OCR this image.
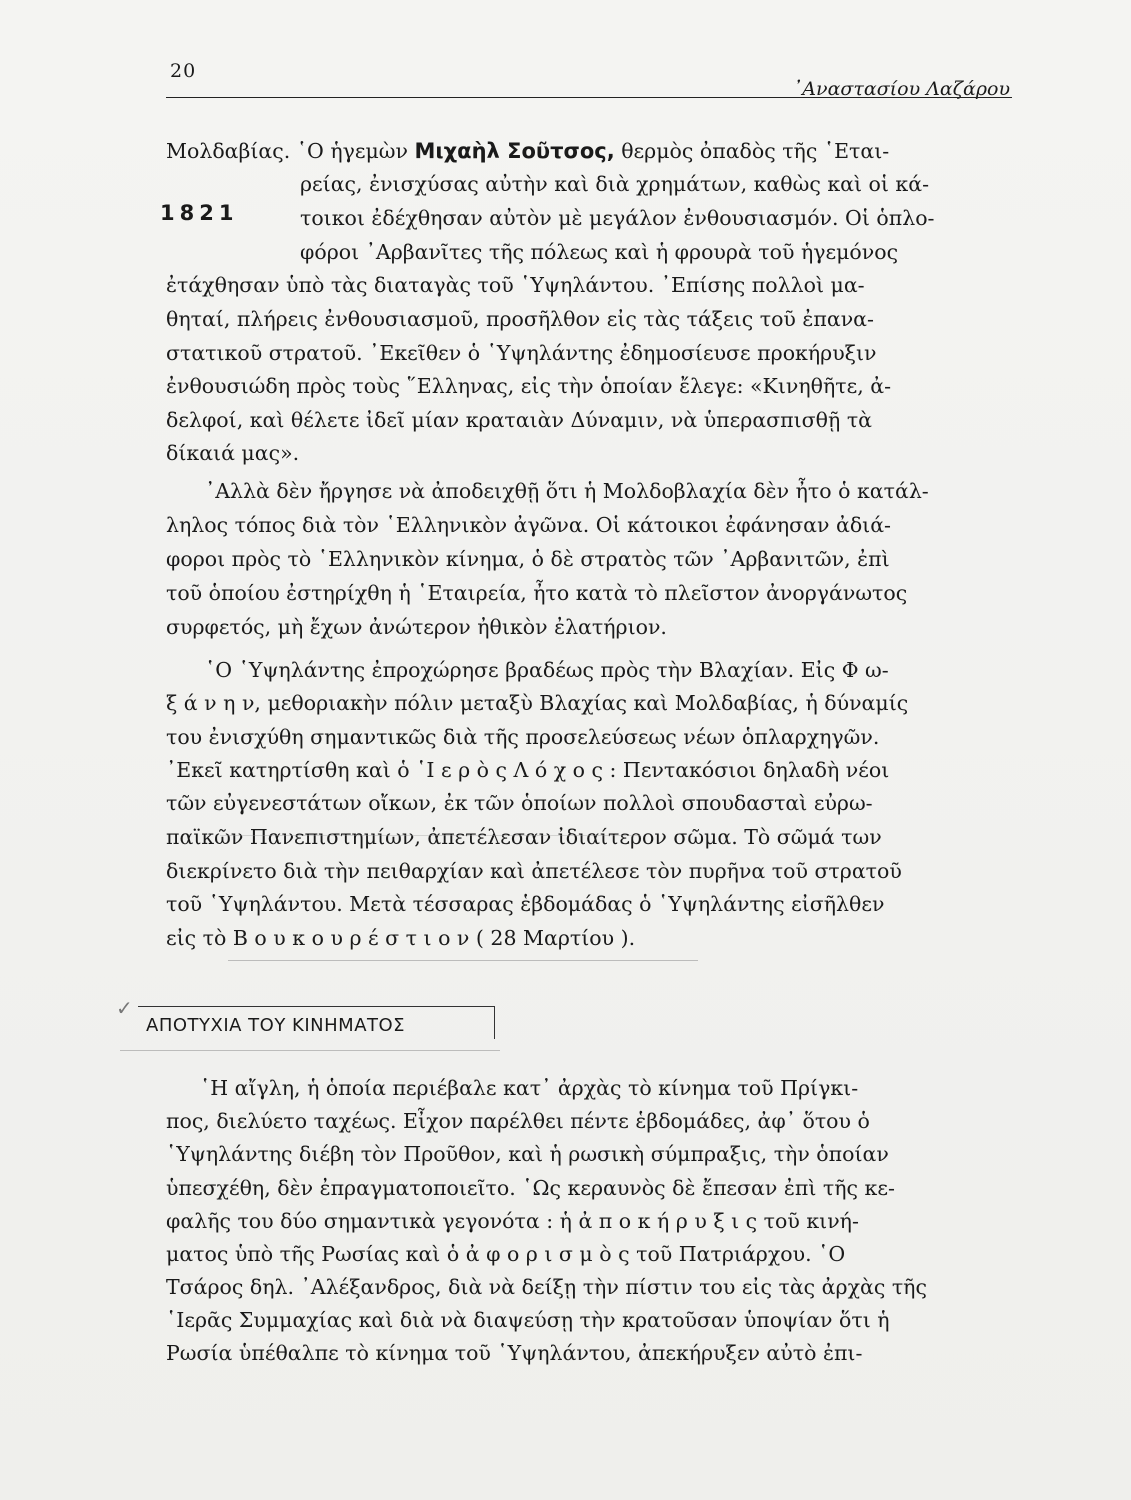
20
᾿Αναστασίου Λαζάρου
1821
Μολδαβίας. ῾Ο ἡγεμὼν Μιχαὴλ Σοῦτσος, θερμὸς ὀπαδὸς τῆς ῾Εται-
ρείας, ἐνισχύσας αὐτὴν καὶ διὰ χρημάτων, καθὼς καὶ οἱ κά-
τοικοι ἐδέχθησαν αὐτὸν μὲ μεγάλον ἐνθουσιασμόν. Οἱ ὁπλο-
φόροι ᾿Αρβανῖτες τῆς πόλεως καὶ ἡ φρουρὰ τοῦ ἡγεμόνος
ἐτάχθησαν ὑπὸ τὰς διαταγὰς τοῦ ῾Υψηλάντου. ᾿Επίσης πολλοὶ μα-
θηταί, πλήρεις ἐνθουσιασμοῦ, προσῆλθον εἰς τὰς τάξεις τοῦ ἐπανα-
στατικοῦ στρατοῦ. ᾿Εκεῖθεν ὁ ῾Υψηλάντης ἐδημοσίευσε προκήρυξιν
ἐνθουσιώδη πρὸς τοὺς ῞Ελληνας, εἰς τὴν ὁποίαν ἔλεγε: «Κινηθῆτε, ἀ-
δελφοί, καὶ θέλετε ἰδεῖ μίαν κραταιὰν Δύναμιν, νὰ ὑπερασπισθῇ τὰ
δίκαιά μας».
᾿Αλλὰ δὲν ἤργησε νὰ ἀποδειχθῇ ὅτι ἡ Μολδοβλαχία δὲν ἦτο ὁ κατάλ-
ληλος τόπος διὰ τὸν ῾Ελληνικὸν ἀγῶνα. Οἱ κάτοικοι ἐφάνησαν ἀδιά-
φοροι πρὸς τὸ ῾Ελληνικὸν κίνημα, ὁ δὲ στρατὸς τῶν ᾿Αρβανιτῶν, ἐπὶ
τοῦ ὁποίου ἐστηρίχθη ἡ ῾Εταιρεία, ἦτο κατὰ τὸ πλεῖστον ἀνοργάνωτος
συρφετός, μὴ ἔχων ἀνώτερον ἠθικὸν ἐλατήριον.
῾Ο ῾Υψηλάντης ἐπροχώρησε βραδέως πρὸς τὴν Βλαχίαν. Εἰς Φ ω-
ξ ά ν η ν, μεθοριακὴν πόλιν μεταξὺ Βλαχίας καὶ Μολδαβίας, ἡ δύναμίς
του ἐνισχύθη σημαντικῶς διὰ τῆς προσελεύσεως νέων ὁπλαρχηγῶν.
᾿Εκεῖ κατηρτίσθη καὶ ὁ ῾Ι ε ρ ὸ ς Λ ό χ ο ς : Πεντακόσιοι δηλαδὴ νέοι
τῶν εὐγενεστάτων οἴκων, ἐκ τῶν ὁποίων πολλοὶ σπουδασταὶ εὐρω-
παϊκῶν Πανεπιστημίων, ἀπετέλεσαν ἰδιαίτερον σῶμα. Τὸ σῶμά των
διεκρίνετο διὰ τὴν πειθαρχίαν καὶ ἀπετέλεσε τὸν πυρῆνα τοῦ στρατοῦ
τοῦ ῾Υψηλάντου. Μετὰ τέσσαρας ἑβδομάδας ὁ ῾Υψηλάντης εἰσῆλθεν
εἰς τὸ Β ο υ κ ο υ ρ έ σ τ ι ο ν ( 28 Μαρτίου ).
✓
ΑΠΟΤΥΧΙΑ ΤΟΥ ΚΙΝΗΜΑΤΟΣ
῾Η αἴγλη, ἡ ὁποία περιέβαλε κατ᾿ ἀρχὰς τὸ κίνημα τοῦ Πρίγκι-
πος, διελύετο ταχέως. Εἶχον παρέλθει πέντε ἑβδομάδες, ἀφ᾿ ὅτου ὁ
῾Υψηλάντης διέβη τὸν Προῦθον, καὶ ἡ ρωσικὴ σύμπραξις, τὴν ὁποίαν
ὑπεσχέθη, δὲν ἐπραγματοποιεῖτο. ῾Ως κεραυνὸς δὲ ἔπεσαν ἐπὶ τῆς κε-
φαλῆς του δύο σημαντικὰ γεγονότα : ἡ ἀ π ο κ ή ρ υ ξ ι ς τοῦ κινή-
ματος ὑπὸ τῆς Ρωσίας καὶ ὁ ἀ φ ο ρ ι σ μ ὸ ς τοῦ Πατριάρχου. ῾Ο
Τσάρος δηλ. ᾿Αλέξανδρος, διὰ νὰ δείξῃ τὴν πίστιν του εἰς τὰς ἀρχὰς τῆς
῾Ιερᾶς Συμμαχίας καὶ διὰ νὰ διαψεύσῃ τὴν κρατοῦσαν ὑποψίαν ὅτι ἡ
Ρωσία ὑπέθαλπε τὸ κίνημα τοῦ ῾Υψηλάντου, ἀπεκήρυξεν αὐτὸ ἐπι-
